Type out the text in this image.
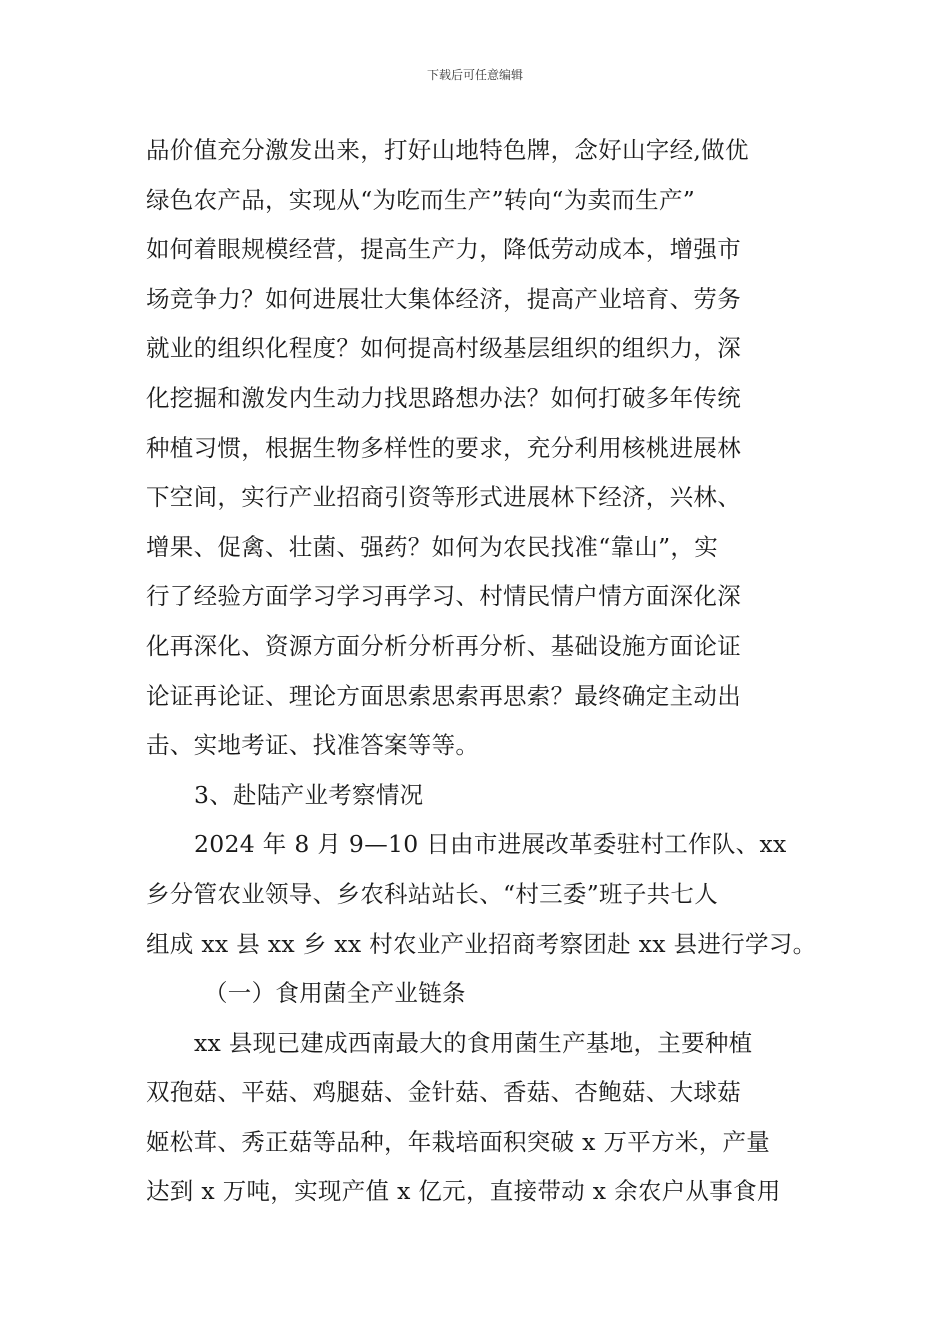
下载后可任意编辑
品价值充分激发出来，打好山地特色牌，念好山字经,做优
绿色农产品，实现从“为吃而生产”转向“为卖而生产”
如何着眼规模经营，提高生产力，降低劳动成本，增强市
场竞争力？如何进展壮大集体经济，提高产业培育、劳务
就业的组织化程度？如何提高村级基层组织的组织力，深
化挖掘和激发内生动力找思路想办法？如何打破多年传统
种植习惯，根据生物多样性的要求，充分利用核桃进展林
下空间，实行产业招商引资等形式进展林下经济，兴林、
增果、促禽、壮菌、强药？如何为农民找准“靠山”，实
行了经验方面学习学习再学习、村情民情户情方面深化深
化再深化、资源方面分析分析再分析、基础设施方面论证
论证再论证、理论方面思索思索再思索？最终确定主动出
击、实地考证、找准答案等等。
3、赴陆产业考察情况
2024 年 8 月 9—10 日由市进展改革委驻村工作队、xx
乡分管农业领导、乡农科站站长、“村三委”班子共七人
组成 xx 县 xx 乡 xx 村农业产业招商考察团赴 xx 县进行学习。
（一）食用菌全产业链条
xx 县现已建成西南最大的食用菌生产基地，主要种植
双孢菇、平菇、鸡腿菇、金针菇、香菇、杏鲍菇、大球菇
姬松茸、秀正菇等品种，年栽培面积突破 x 万平方米，产量
达到 x 万吨，实现产值 x 亿元，直接带动 x 余农户从事食用
